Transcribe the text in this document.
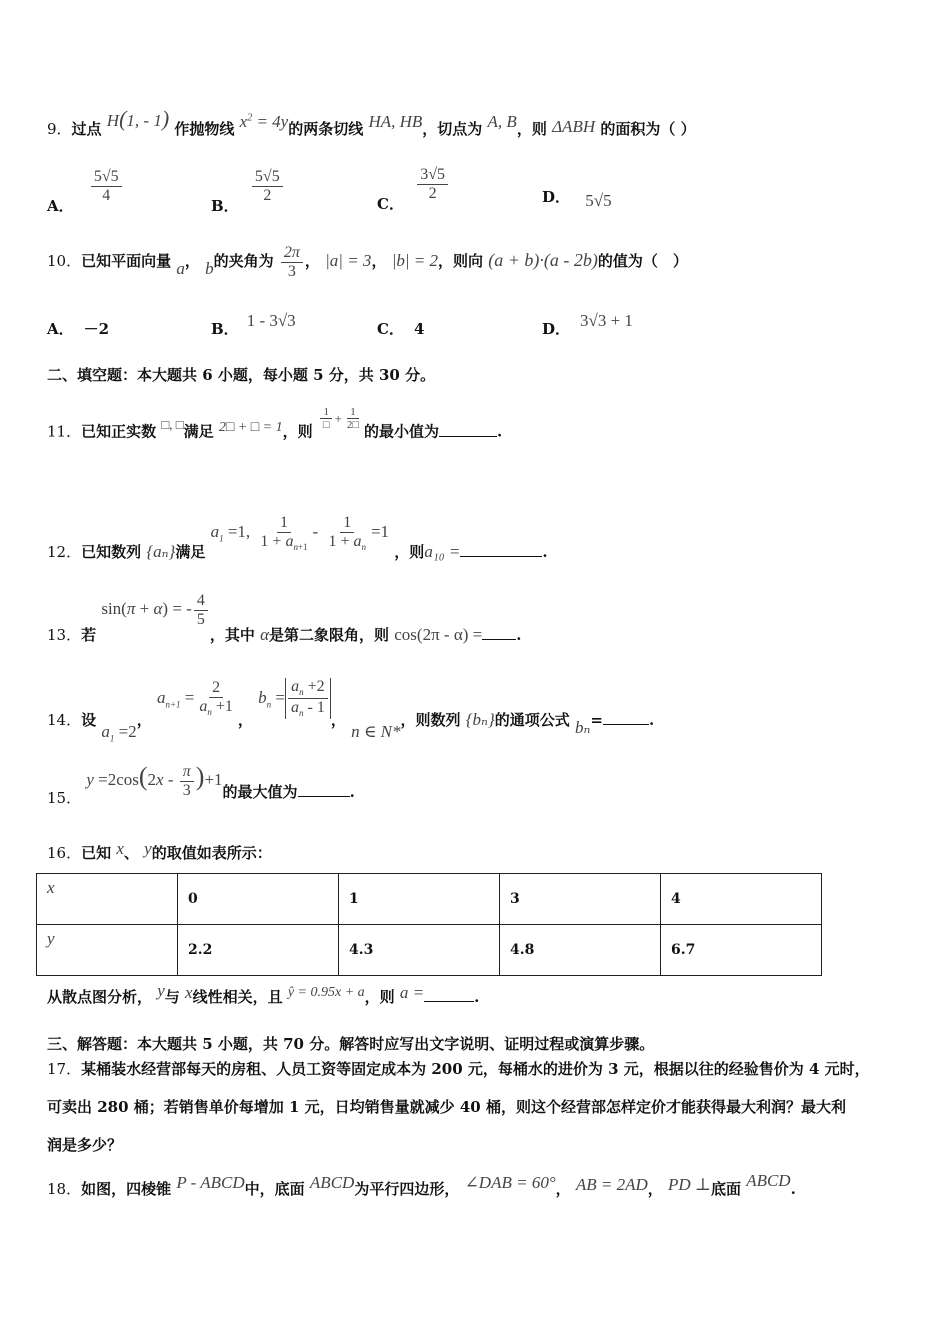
9．过点 H(1, - 1) 作抛物线 $x^2 = 4y$的两条切线 HA, HB，切点为 A, B，则 ΔABH 的面积为（ ）
A．
$\frac{5√5}{4}$
B．
$\frac{5√5}{2}$	C．
$\frac{3√5}{2}$	D． 5√5
10．已知平面向量 a， b的夹角为 $\frac{2\pi}{3}$ ， |a| = 3， |b| = 2，则向 (a + b)·(a - 2b)的值为（　）
A． －2	B． 1 - 3√3	C． 4	D． 3√3 + 1
二、填空题：本大题共 6 小题，每小题 5 分，共 30 分。
11．已知正实数 □, □满足 2□ + □ = 1，则
$\frac{1}{□} + \frac{1}{2□}$
的最小值为	.
12．已知数列 {aₙ}满足 $a_1 =1$, $\frac{1}{1 + a_{n+1}} - \frac{1}{1 + a_n} =1$ ，则a₁₀ =	.
13．若 sin(π + α) = - $\frac{4}{5}$
，其中 α是第二象限角，则 cos(2π - α) = .
14．设 $a_1 =2$， $a_{n+1} = \frac{2}{a_n +1}$
， $b_n = \frac{a_n +2}{a_n - 1}$
， n ∈ N*，则数列 {bₙ}的通项公式 bₙ=	.
15． $y =2\cos(2x - \frac{\pi}{3} )+1$的最大值为	.
16．已知 x、 y的取值如表所示：
x	0	1	3	4
y	2.2	4.3	4.8	6.7
从散点图分析， y与 x线性相关，且 ŷ = 0.95x + a，则 a =	.
三、解答题：本大题共 5 小题，共 70 分。解答时应写出文字说明、证明过程或演算步骤。
17．某桶装水经营部每天的房租、人员工资等固定成本为 200 元，每桶水的进价为 3 元，根据以往的经验售价为 4 元时，
可卖出 280 桶；若销售单价每增加 1 元，日均销售量就减少 40 桶，则这个经营部怎样定价才能获得最大利润？最大利
润是多少？
18．如图，四棱锥 P - ABCD中，底面 ABCD为平行四边形， ∠DAB = 60°， AB = 2AD， PD ⊥底面 ABCD.
